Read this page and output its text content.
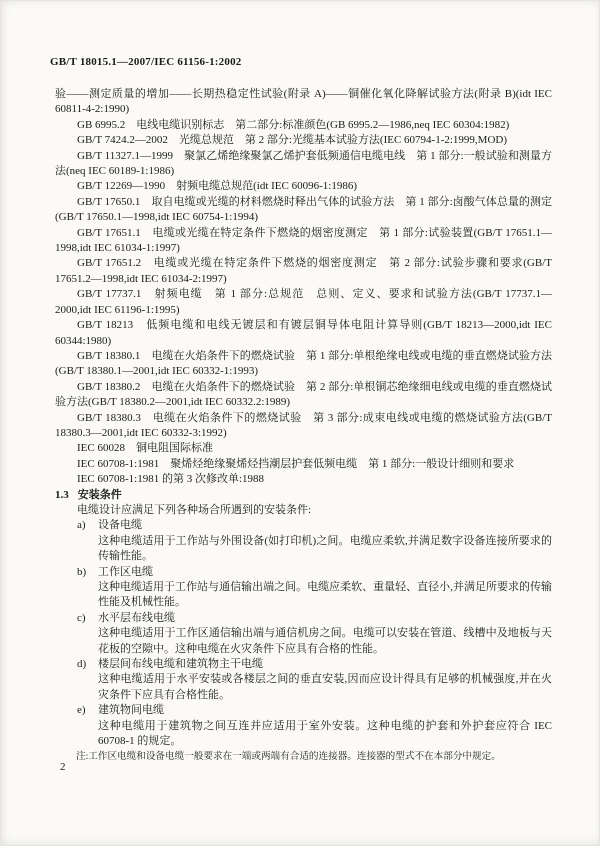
GB/T 18015.1—2007/IEC 61156-1:2002

验——测定质量的增加——长期热稳定性试验(附录 A)——铜催化氧化降解试验方法(附录 B)(idt IEC 60811-4-2:1990)

GB 6995.2　电线电缆识别标志　第二部分:标准颜色(GB 6995.2—1986,neq IEC 60304:1982)

GB/T 7424.2—2002　光缆总规范　第 2 部分:光缆基本试验方法(IEC 60794-1-2:1999,MOD)

GB/T 11327.1—1999　聚氯乙烯绝缘聚氯乙烯护套低频通信电缆电线　第 1 部分:一般试验和测量方法(neq IEC 60189-1:1986)

GB/T 12269—1990　射频电缆总规范(idt IEC 60096-1:1986)

GB/T 17650.1　取自电缆或光缆的材料燃烧时释出气体的试验方法　第 1 部分:卤酸气体总量的测定(GB/T 17650.1—1998,idt IEC 60754-1:1994)

GB/T 17651.1　电缆或光缆在特定条件下燃烧的烟密度测定　第 1 部分:试验装置(GB/T 17651.1—1998,idt IEC 61034-1:1997)

GB/T 17651.2　电缆或光缆在特定条件下燃烧的烟密度测定　第 2 部分:试验步骤和要求(GB/T 17651.2—1998,idt IEC 61034-2:1997)

GB/T 17737.1　射频电缆　第 1 部分:总规范　总则、定义、要求和试验方法(GB/T 17737.1—2000,idt IEC 61196-1:1995)

GB/T 18213　低频电缆和电线无镀层和有镀层铜导体电阻计算导则(GB/T 18213—2000,idt IEC 60344:1980)

GB/T 18380.1　电缆在火焰条件下的燃烧试验　第 1 部分:单根绝缘电线或电缆的垂直燃烧试验方法(GB/T 18380.1—2001,idt IEC 60332-1:1993)

GB/T 18380.2　电缆在火焰条件下的燃烧试验　第 2 部分:单根铜芯绝缘细电线或电缆的垂直燃烧试验方法(GB/T 18380.2—2001,idt IEC 60332.2:1989)

GB/T 18380.3　电缆在火焰条件下的燃烧试验　第 3 部分:成束电线或电缆的燃烧试验方法(GB/T 18380.3—2001,idt IEC 60332-3:1992)

IEC 60028　铜电阻国际标准

IEC 60708-1:1981　聚烯烃绝缘聚烯烃挡潮层护套低频电缆　第 1 部分:一般设计细则和要求

IEC 60708-1:1981 的第 3 次修改单:1988

1.3 安装条件

电缆设计应满足下列各种场合所遇到的安装条件:

a)	设备电缆

这种电缆适用于工作站与外围设备(如打印机)之间。电缆应柔软,并满足数字设备连接所要求的传输性能。

b)	工作区电缆

这种电缆适用于工作站与通信输出端之间。电缆应柔软、重量轻、直径小,并满足所要求的传输性能及机械性能。

c)	水平层布线电缆

这种电缆适用于工作区通信输出端与通信机房之间。电缆可以安装在管道、线槽中及地板与天花板的空隙中。这种电缆在火灾条件下应具有合格的性能。

d)	楼层间布线电缆和建筑物主干电缆

这种电缆适用于水平安装或各楼层之间的垂直安装,因而应设计得具有足够的机械强度,并在火灾条件下应具有合格性能。

e)	建筑物间电缆

这种电缆用于建筑物之间互连并应适用于室外安装。这种电缆的护套和外护套应符合 IEC 60708-1 的规定。

注:工作区电缆和设备电缆一般要求在一端或两端有合适的连接器。连接器的型式不在本部分中规定。

2
